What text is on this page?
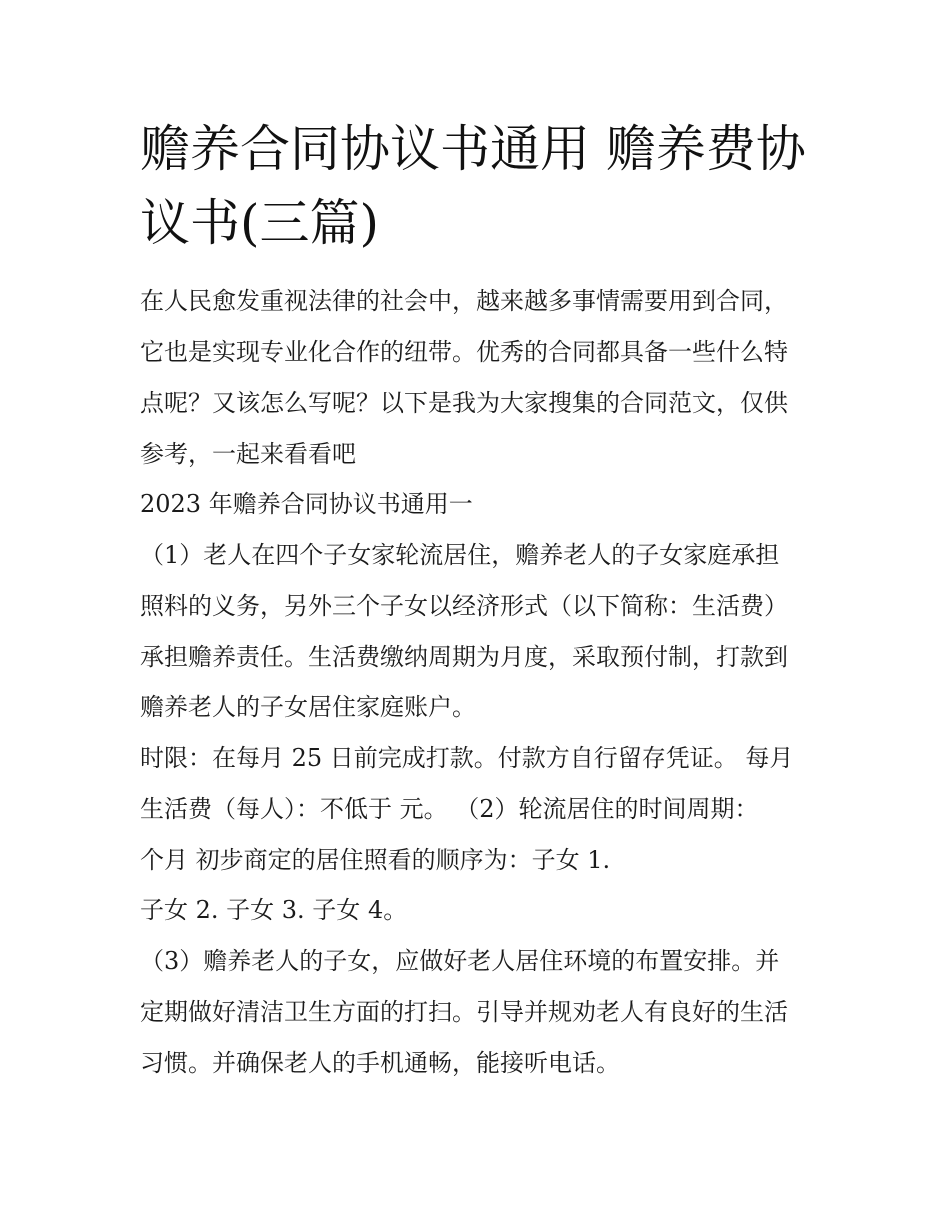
赡养合同协议书通用 赡养费协
议书(三篇)

在人民愈发重视法律的社会中，越来越多事情需要用到合同，

它也是实现专业化合作的纽带。优秀的合同都具备一些什么特

点呢？又该怎么写呢？以下是我为大家搜集的合同范文，仅供

参考，一起来看看吧

2023 年赡养合同协议书通用一

（1）老人在四个子女家轮流居住，赡养老人的子女家庭承担

照料的义务，另外三个子女以经济形式（以下简称：生活费）

承担赡养责任。生活费缴纳周期为月度，采取预付制，打款到

赡养老人的子女居住家庭账户。

时限：在每月 25 日前完成打款。付款方自行留存凭证。 每月

生活费（每人）：不低于 元。 （2）轮流居住的时间周期：

个月 初步商定的居住照看的顺序为：子女 1.

子女 2. 子女 3. 子女 4。

（3）赡养老人的子女，应做好老人居住环境的布置安排。并

定期做好清洁卫生方面的打扫。引导并规劝老人有良好的生活

习惯。并确保老人的手机通畅，能接听电话。
